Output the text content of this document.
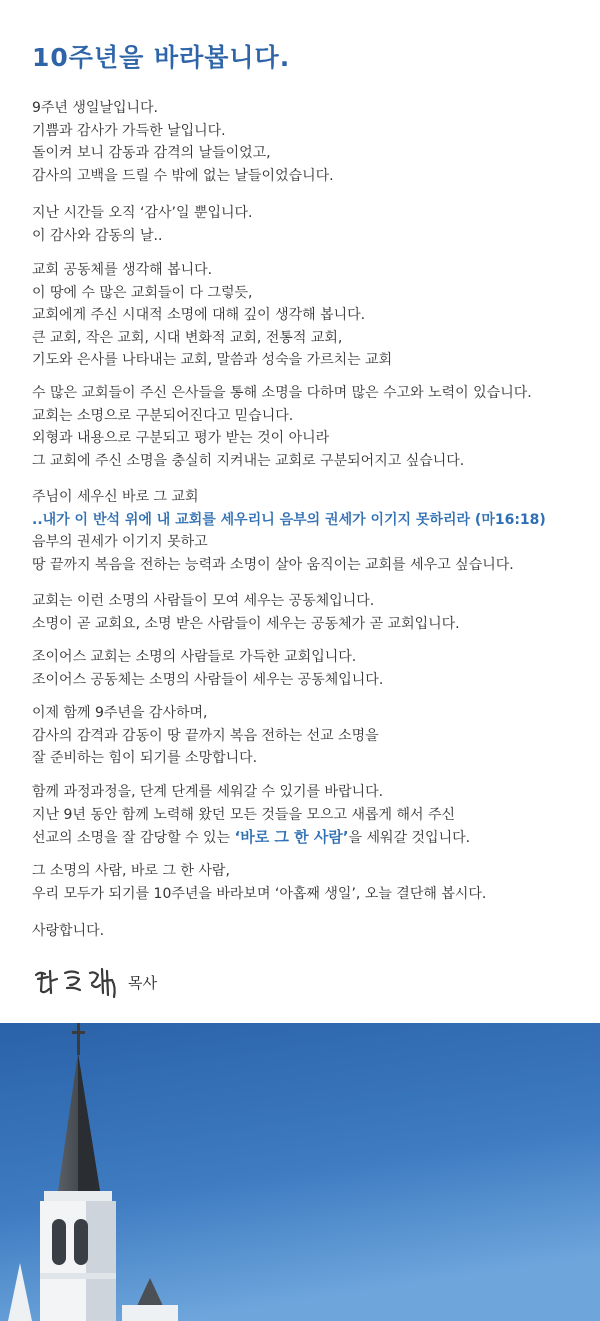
10주년을 바라봅니다.

9주년 생일날입니다.
기쁨과 감사가 가득한 날입니다.
돌이켜 보니 감동과 감격의 날들이었고,
감사의 고백을 드릴 수 밖에 없는 날들이었습니다.

지난 시간들 오직 ‘감사’일 뿐입니다.
이 감사와 감동의 날..

교회 공동체를 생각해 봅니다.
이 땅에 수 많은 교회들이 다 그렇듯,
교회에게 주신 시대적 소명에 대해 깊이 생각해 봅니다.
큰 교회, 작은 교회, 시대 변화적 교회, 전통적 교회,
기도와 은사를 나타내는 교회, 말씀과 성숙을 가르치는 교회

수 많은 교회들이 주신 은사들을 통해 소명을 다하며 많은 수고와 노력이 있습니다.
교회는 소명으로 구분되어진다고 믿습니다.
외형과 내용으로 구분되고 평가 받는 것이 아니라
그 교회에 주신 소명을 충실히 지켜내는 교회로 구분되어지고 싶습니다.

주님이 세우신 바로 그 교회
..내가 이 반석 위에 내 교회를 세우리니 음부의 권세가 이기지 못하리라 (마16:18)
음부의 권세가 이기지 못하고
땅 끝까지 복음을 전하는 능력과 소명이 살아 움직이는 교회를 세우고 싶습니다.

교회는 이런 소명의 사람들이 모여 세우는 공동체입니다.
소명이 곧 교회요, 소명 받은 사람들이 세우는 공동체가 곧 교회입니다.

조이어스 교회는 소명의 사람들로 가득한 교회입니다.
조이어스 공동체는 소명의 사람들이 세우는 공동체입니다.

이제 함께 9주년을 감사하며,
감사의 감격과 감동이 땅 끝까지 복음 전하는 선교 소명을
잘 준비하는 힘이 되기를 소망합니다.

함께 과정과정을, 단계 단계를 세워갈 수 있기를 바랍니다.
지난 9년 동안 함께 노력해 왔던 모든 것들을 모으고 새롭게 해서 주신
선교의 소명을 잘 감당할 수 있는 ‘바로 그 한 사람’을 세워갈 것입니다.

그 소명의 사람, 바로 그 한 사람,
우리 모두가 되기를 10주년을 바라보며 ‘아홉째 생일’, 오늘 결단해 봅시다.

사랑합니다.

목사
